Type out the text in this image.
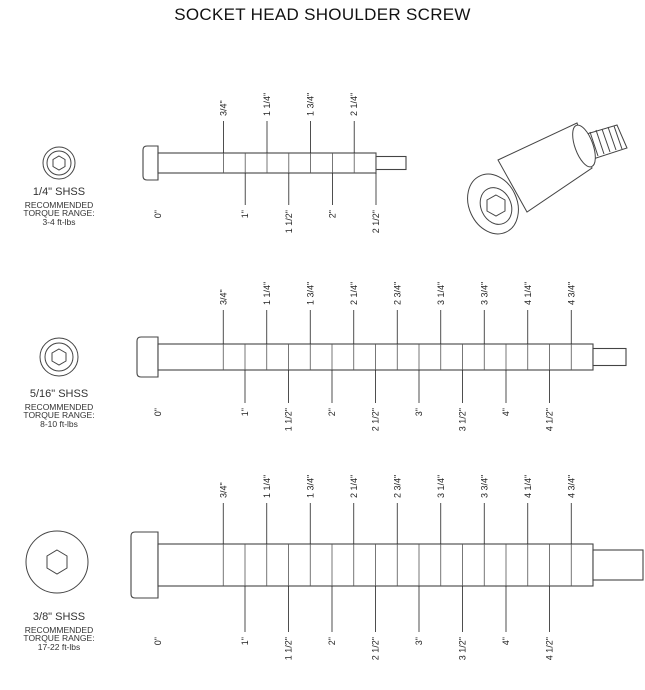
SOCKET HEAD SHOULDER SCREW
1/4" SHSS
RECOMMENDED
TORQUE RANGE:
3-4 ft-lbs
5/16" SHSS
RECOMMENDED
TORQUE RANGE:
8-10 ft-lbs
3/8" SHSS
RECOMMENDED
TORQUE RANGE:
17-22 ft-lbs
3/4"	1 1/4"	1 3/4"	2 1/4"
0"	1"	1 1/2"	2"	2 1/2"
3/4"	1 1/4"	1 3/4"	2 1/4"	2 3/4"	3 1/4"	3 3/4"	4 1/4"	4 3/4"
0"	1"	1 1/2"	2"	2 1/2"	3"	3 1/2"	4"	4 1/2"
3/4"	1 1/4"	1 3/4"	2 1/4"	2 3/4"	3 1/4"	3 3/4"	4 1/4"	4 3/4"
0"	1"	1 1/2"	2"	2 1/2"	3"	3 1/2"	4"	4 1/2"
